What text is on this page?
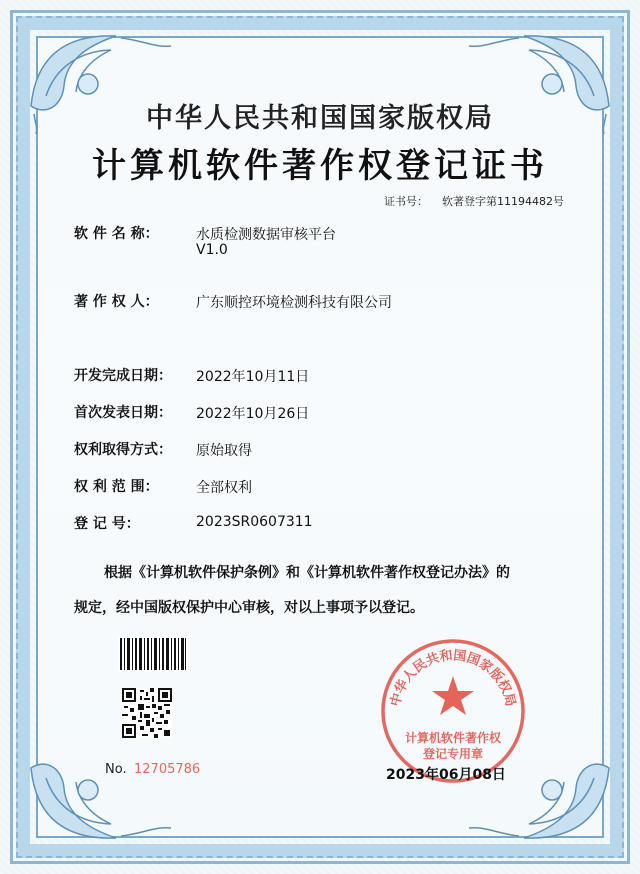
中华人民共和国国家版权局
计算机软件著作权登记证书
证书号： 软著登字第11194482号
软 件 名 称：	水质检测数据审核平台
V1.0
著 作 权 人：	广东顺控环境检测科技有限公司
开发完成日期： 2022年10月11日
首次发表日期： 2022年10月26日
权利取得方式： 原始取得
权 利 范 围：	全部权利
登 记 号：	2023SR0607311
根据《计算机软件保护条例》和《计算机软件著作权登记办法》的
规定，经中国版权保护中心审核，对以上事项予以登记。
No. 12705786
中华人民共和国国家版权局
计算机软件著作权
登记专用章
2023年06月08日
